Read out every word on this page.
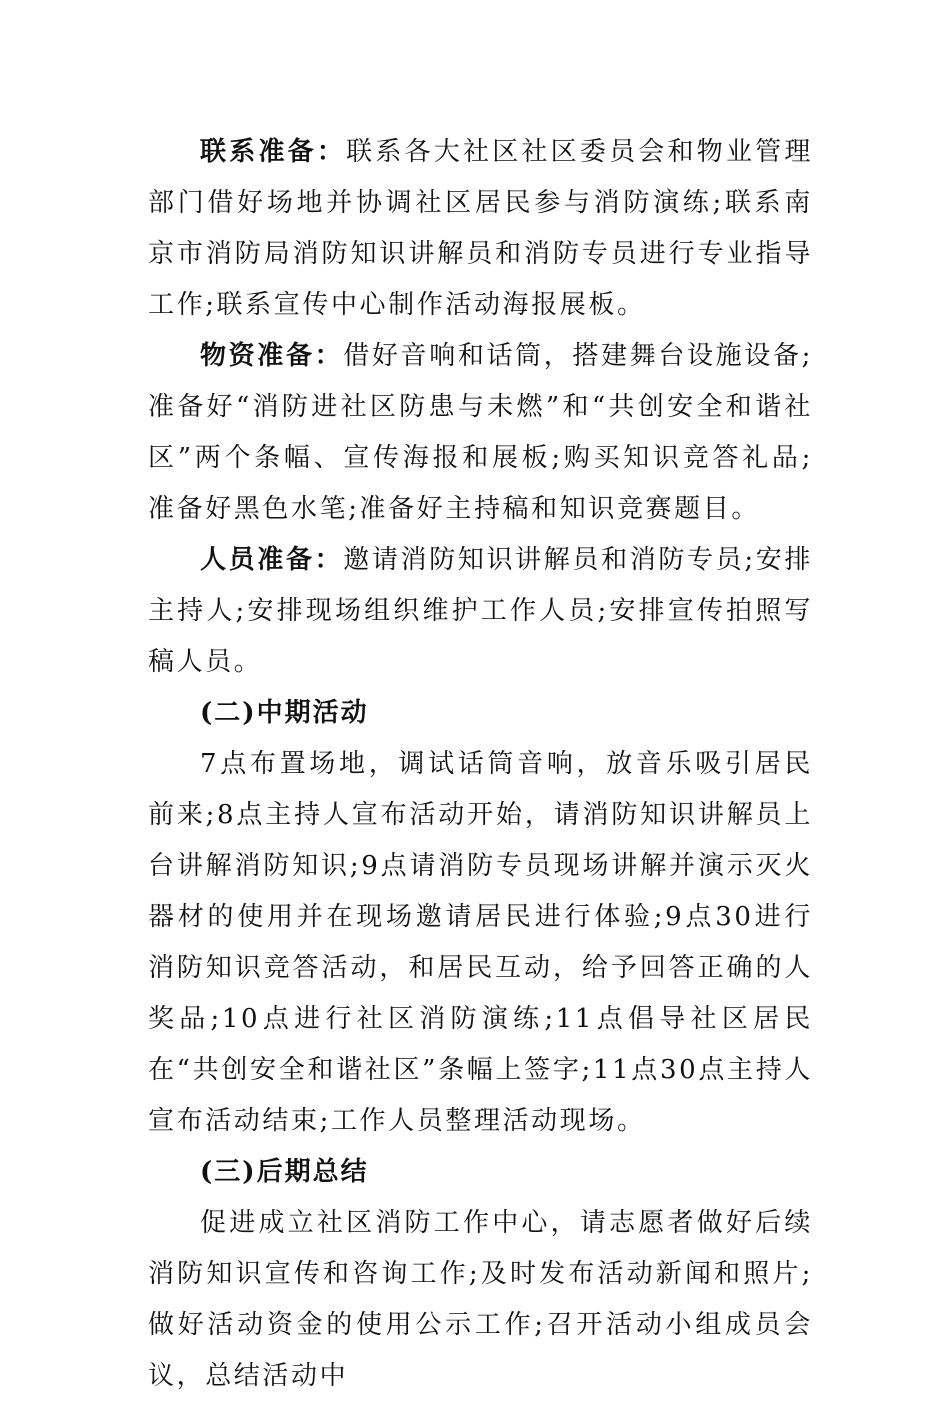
联系准备：联系各大社区社区委员会和物业管理部门借好场地并协调社区居民参与消防演练;联系南京市消防局消防知识讲解员和消防专员进行专业指导工作;联系宣传中心制作活动海报展板。

物资准备：借好音响和话筒，搭建舞台设施设备;准备好“消防进社区防患与未燃”和“共创安全和谐社区”两个条幅、宣传海报和展板;购买知识竞答礼品;准备好黑色水笔;准备好主持稿和知识竞赛题目。

人员准备：邀请消防知识讲解员和消防专员;安排主持人;安排现场组织维护工作人员;安排宣传拍照写稿人员。

(二)中期活动

7点布置场地，调试话筒音响，放音乐吸引居民前来;8点主持人宣布活动开始，请消防知识讲解员上台讲解消防知识;9点请消防专员现场讲解并演示灭火器材的使用并在现场邀请居民进行体验;9点30进行消防知识竞答活动，和居民互动，给予回答正确的人奖品;10点进行社区消防演练;11点倡导社区居民在“共创安全和谐社区”条幅上签字;11点30点主持人宣布活动结束;工作人员整理活动现场。

(三)后期总结

促进成立社区消防工作中心，请志愿者做好后续消防知识宣传和咨询工作;及时发布活动新闻和照片;做好活动资金的使用公示工作;召开活动小组成员会议，总结活动中
